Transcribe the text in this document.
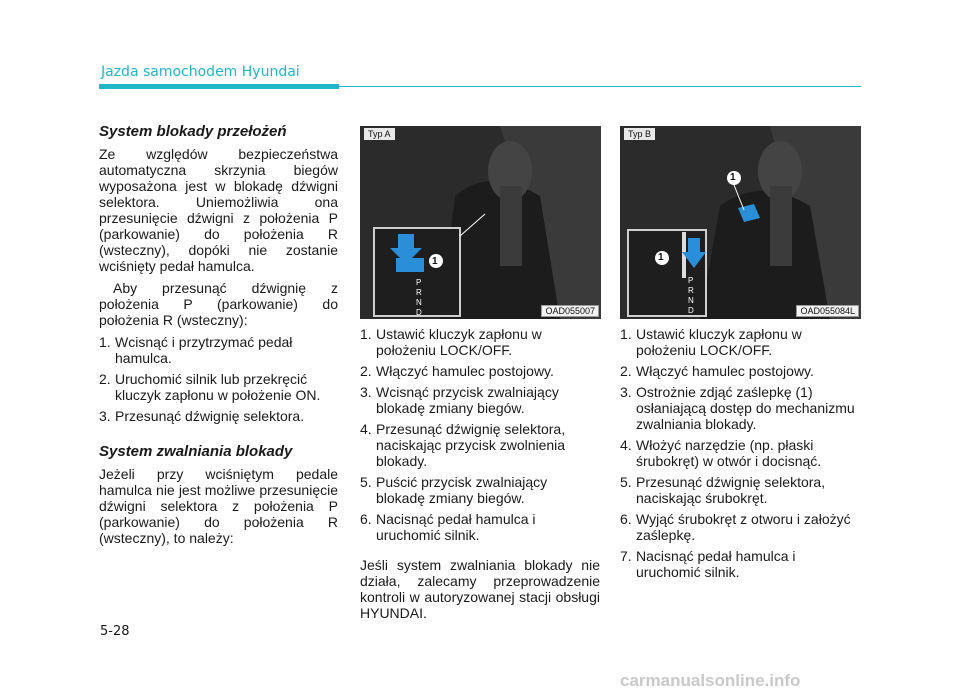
Jazda samochodem Hyundai
System blokady przełożeń

Ze względów bezpieczeństwa automatyczna skrzynia biegów wyposażona jest w blokadę dźwigni selektora. Uniemożliwia ona przesunięcie dźwigni z położenia P (parkowanie) do położenia R (wsteczny), dopóki nie zostanie wciśnięty pedał hamulca.

Aby przesunąć dźwignię z położenia P (parkowanie) do położenia R (wsteczny):

1. Wcisnąć i przytrzymać pedał hamulca.
2. Uruchomić silnik lub przekręcić kluczyk zapłonu w położenie ON.
3. Przesunąć dźwignię selektora.
System zwalniania blokady

Jeżeli przy wciśniętym pedale hamulca nie jest możliwe przesunięcie dźwigni selektora z położenia P (parkowanie) do położenia R (wsteczny), to należy:

1
P
R
N
D
Typ A
OAD055007
1
1
P
R
N
D
Typ B
OAD055084L
1. Ustawić kluczyk zapłonu w położeniu LOCK/OFF.
2. Włączyć hamulec postojowy.
3. Wcisnąć przycisk zwalniający blokadę zmiany biegów.
4. Przesunąć dźwignię selektora, naciskając przycisk zwolnienia blokady.
5. Puścić przycisk zwalniający blokadę zmiany biegów.
6. Nacisnąć pedał hamulca i uruchomić silnik.

Jeśli system zwalniania blokady nie działa, zalecamy przeprowadzenie kontroli w autoryzowanej stacji obsługi HYUNDAI.

1. Ustawić kluczyk zapłonu w położeniu LOCK/OFF.
2. Włączyć hamulec postojowy.
3. Ostrożnie zdjąć zaślepkę (1) osłaniającą dostęp do mechanizmu zwalniania blokady.
4. Włożyć narzędzie (np. płaski śrubokręt) w otwór i docisnąć.
5. Przesunąć dźwignię selektora, naciskając śrubokręt.
6. Wyjąć śrubokręt z otworu i założyć zaślepkę.
7. Nacisnąć pedał hamulca i uruchomić silnik.
5-28
carmanualsonline.info
